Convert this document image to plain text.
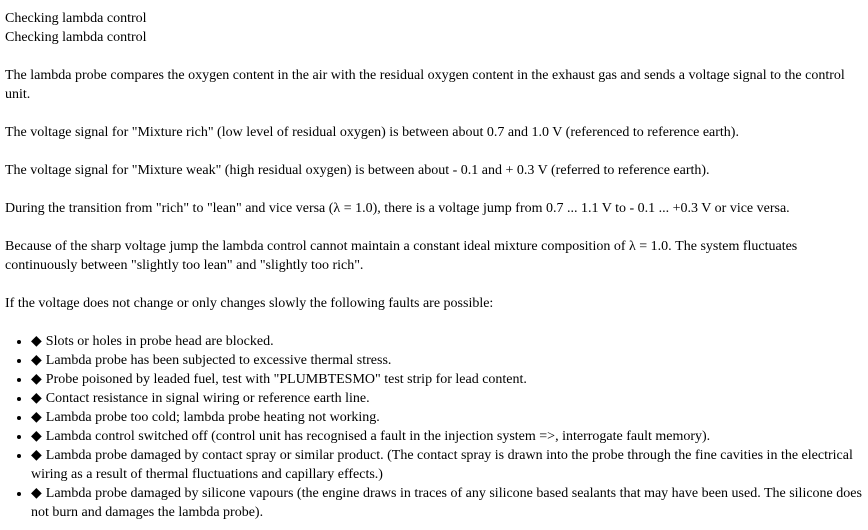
Checking lambda control
Checking lambda control

The lambda probe compares the oxygen content in the air with the residual oxygen content in the exhaust gas and sends a voltage signal to the control unit.

The voltage signal for "Mixture rich" (low level of residual oxygen) is between about 0.7 and 1.0 V (referenced to reference earth).

The voltage signal for "Mixture weak" (high residual oxygen) is between about - 0.1 and + 0.3 V (referred to reference earth).

During the transition from "rich" to "lean" and vice versa (λ = 1.0), there is a voltage jump from 0.7 ... 1.1 V to - 0.1 ... +0.3 V or vice versa.

Because of the sharp voltage jump the lambda control cannot maintain a constant ideal mixture composition of λ = 1.0. The system fluctuates continuously between "slightly too lean" and "slightly too rich".

If the voltage does not change or only changes slowly the following faults are possible:

• ◆ Slots or holes in probe head are blocked.
• ◆ Lambda probe has been subjected to excessive thermal stress.
• ◆ Probe poisoned by leaded fuel, test with "PLUMBTESMO" test strip for lead content.
• ◆ Contact resistance in signal wiring or reference earth line.
• ◆ Lambda probe too cold; lambda probe heating not working.
• ◆ Lambda control switched off (control unit has recognised a fault in the injection system =>, interrogate fault memory).
• ◆ Lambda probe damaged by contact spray or similar product. (The contact spray is drawn into the probe through the fine cavities in the electrical wiring as a result of thermal fluctuations and capillary effects.)
• ◆ Lambda probe damaged by silicone vapours (the engine draws in traces of any silicone based sealants that may have been used. The silicone does not burn and damages the lambda probe).
